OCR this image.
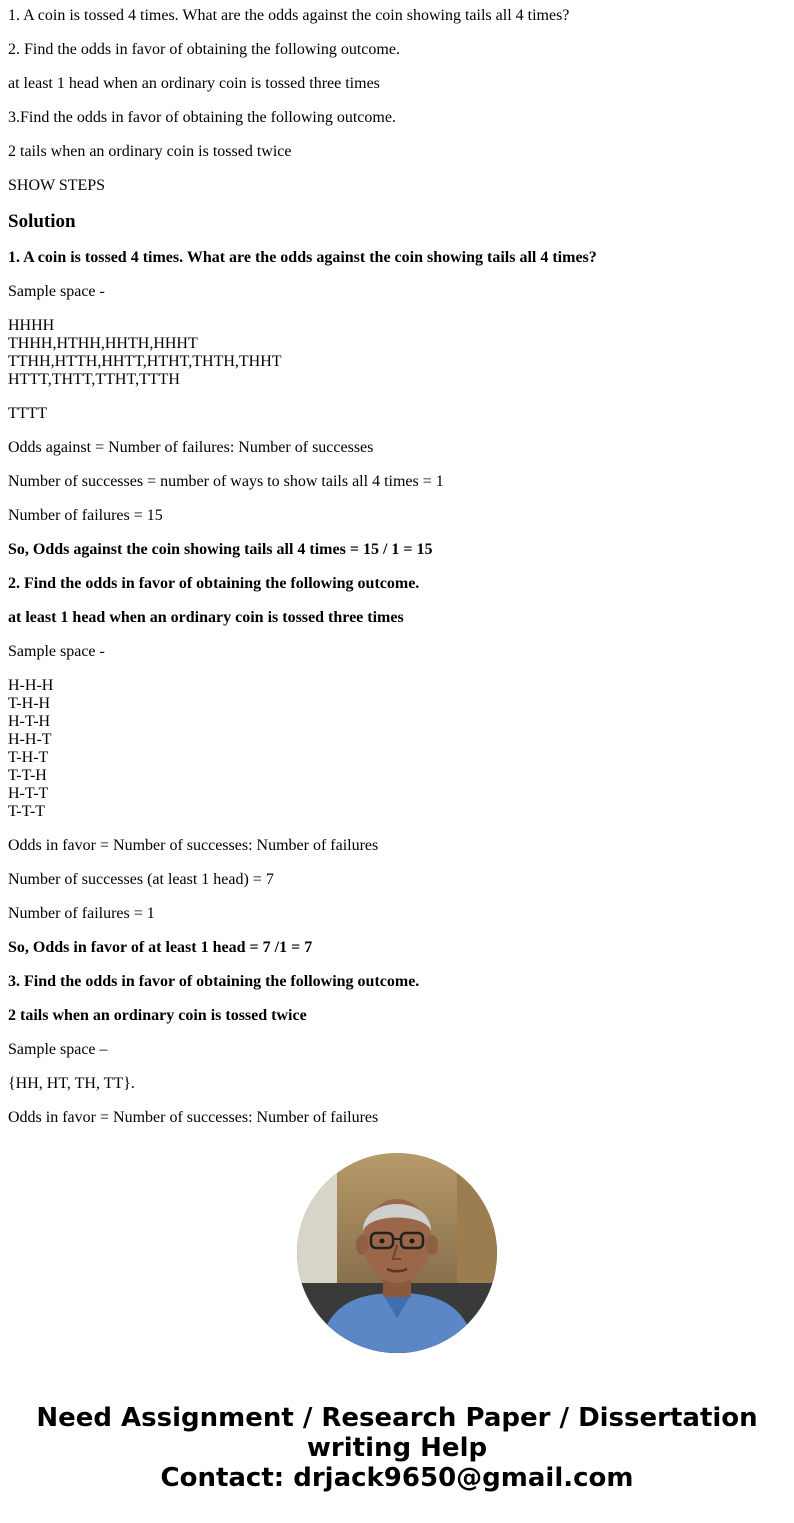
1. A coin is tossed 4 times. What are the odds against the coin showing tails all 4 times?

2. Find the odds in favor of obtaining the following outcome.

at least 1 head when an ordinary coin is tossed three times

3.Find the odds in favor of obtaining the following outcome.

2 tails when an ordinary coin is tossed twice

SHOW STEPS

Solution

1. A coin is tossed 4 times. What are the odds against the coin showing tails all 4 times?

Sample space -

HHHH
THHH,HTHH,HHTH,HHHT
TTHH,HTTH,HHTT,HTHT,THTH,THHT
HTTT,THTT,TTHT,TTTH

TTTT

Odds against = Number of failures: Number of successes

Number of successes = number of ways to show tails all 4 times = 1

Number of failures = 15

So, Odds against the coin showing tails all 4 times = 15 / 1 = 15

2. Find the odds in favor of obtaining the following outcome.

at least 1 head when an ordinary coin is tossed three times

Sample space -

H-H-H
T-H-H
H-T-H
H-H-T
T-H-T
T-T-H
H-T-T
T-T-T

Odds in favor = Number of successes: Number of failures

Number of successes (at least 1 head) = 7

Number of failures = 1

So, Odds in favor of at least 1 head = 7 /1 = 7

3. Find the odds in favor of obtaining the following outcome.

2 tails when an ordinary coin is tossed twice

Sample space –

{HH, HT, TH, TT}.

Odds in favor = Number of successes: Number of failures

Need Assignment / Research Paper / Dissertation
writing Help
Contact: drjack9650@gmail.com
